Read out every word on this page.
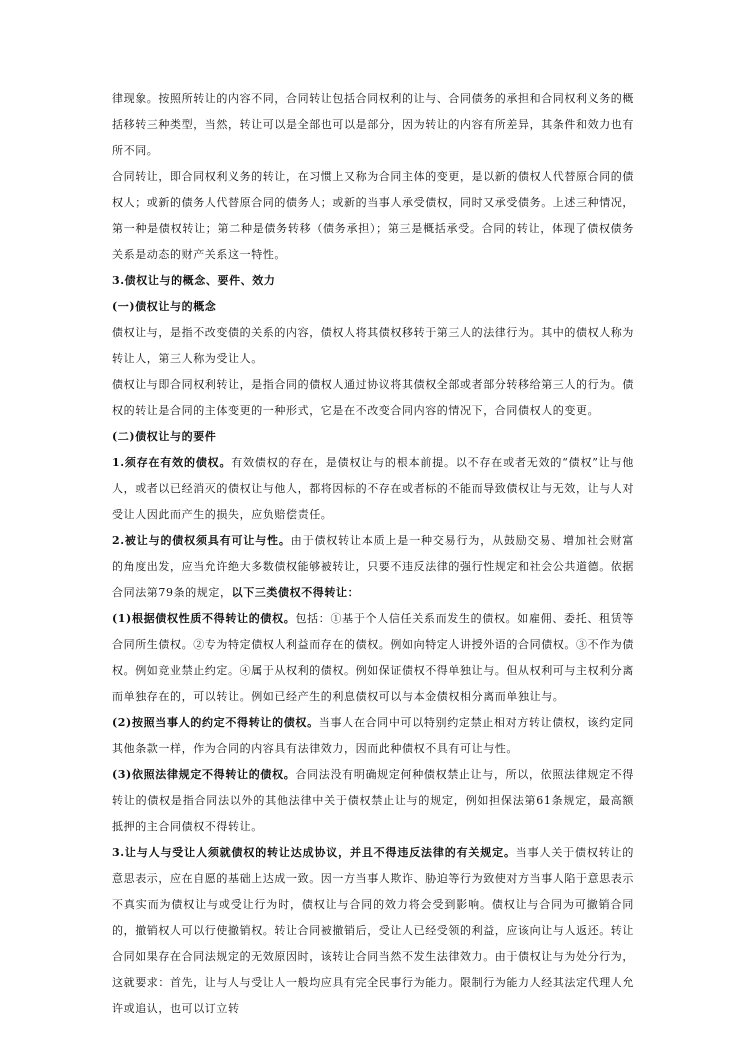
律现象。按照所转让的内容不同，合同转让包括合同权利的让与、合同债务的承担和合同权利义务的概括移转三种类型，当然，转让可以是全部也可以是部分，因为转让的内容有所差异，其条件和效力也有所不同。

合同转让，即合同权利义务的转让，在习惯上又称为合同主体的变更，是以新的债权人代替原合同的债权人；或新的债务人代替原合同的债务人；或新的当事人承受债权，同时又承受债务。上述三种情况，第一种是债权转让；第二种是债务转移（债务承担）；第三是概括承受。合同的转让，体现了债权债务关系是动态的财产关系这一特性。

3.债权让与的概念、要件、效力

(一)债权让与的概念

债权让与，是指不改变债的关系的内容，债权人将其债权移转于第三人的法律行为。其中的债权人称为转让人，第三人称为受让人。

债权让与即合同权利转让，是指合同的债权人通过协议将其债权全部或者部分转移给第三人的行为。债权的转让是合同的主体变更的一种形式，它是在不改变合同内容的情况下，合同债权人的变更。

(二)债权让与的要件

1.须存在有效的债权。有效债权的存在，是债权让与的根本前提。以不存在或者无效的“债权”让与他人，或者以已经消灭的债权让与他人，都将因标的不存在或者标的不能而导致债权让与无效，让与人对受让人因此而产生的损失，应负赔偿责任。

2.被让与的债权须具有可让与性。由于债权转让本质上是一种交易行为，从鼓励交易、增加社会财富的角度出发，应当允许绝大多数债权能够被转让，只要不违反法律的强行性规定和社会公共道德。依据合同法第79条的规定，以下三类债权不得转让：

(1)根据债权性质不得转让的债权。包括：①基于个人信任关系而发生的债权。如雇佣、委托、租赁等合同所生债权。②专为特定债权人利益而存在的债权。例如向特定人讲授外语的合同债权。③不作为债权。例如竞业禁止约定。④属于从权利的债权。例如保证债权不得单独让与。但从权利可与主权利分离而单独存在的，可以转让。例如已经产生的利息债权可以与本金债权相分离而单独让与。

(2)按照当事人的约定不得转让的债权。当事人在合同中可以特别约定禁止相对方转让债权，该约定同其他条款一样，作为合同的内容具有法律效力，因而此种债权不具有可让与性。

(3)依照法律规定不得转让的债权。合同法没有明确规定何种债权禁止让与，所以，依照法律规定不得转让的债权是指合同法以外的其他法律中关于债权禁止让与的规定，例如担保法第61条规定，最高额抵押的主合同债权不得转让。

3.让与人与受让人须就债权的转让达成协议，并且不得违反法律的有关规定。当事人关于债权转让的意思表示，应在自愿的基础上达成一致。因一方当事人欺诈、胁迫等行为致使对方当事人陷于意思表示不真实而为债权让与或受让行为时，债权让与合同的效力将会受到影响。债权让与合同为可撤销合同的，撤销权人可以行使撤销权。转让合同被撤销后，受让人已经受领的利益，应该向让与人返还。转让合同如果存在合同法规定的无效原因时，该转让合同当然不发生法律效力。由于债权让与为处分行为，这就要求：首先，让与人与受让人一般均应具有完全民事行为能力。限制行为能力人经其法定代理人允许或追认，也可以订立转
